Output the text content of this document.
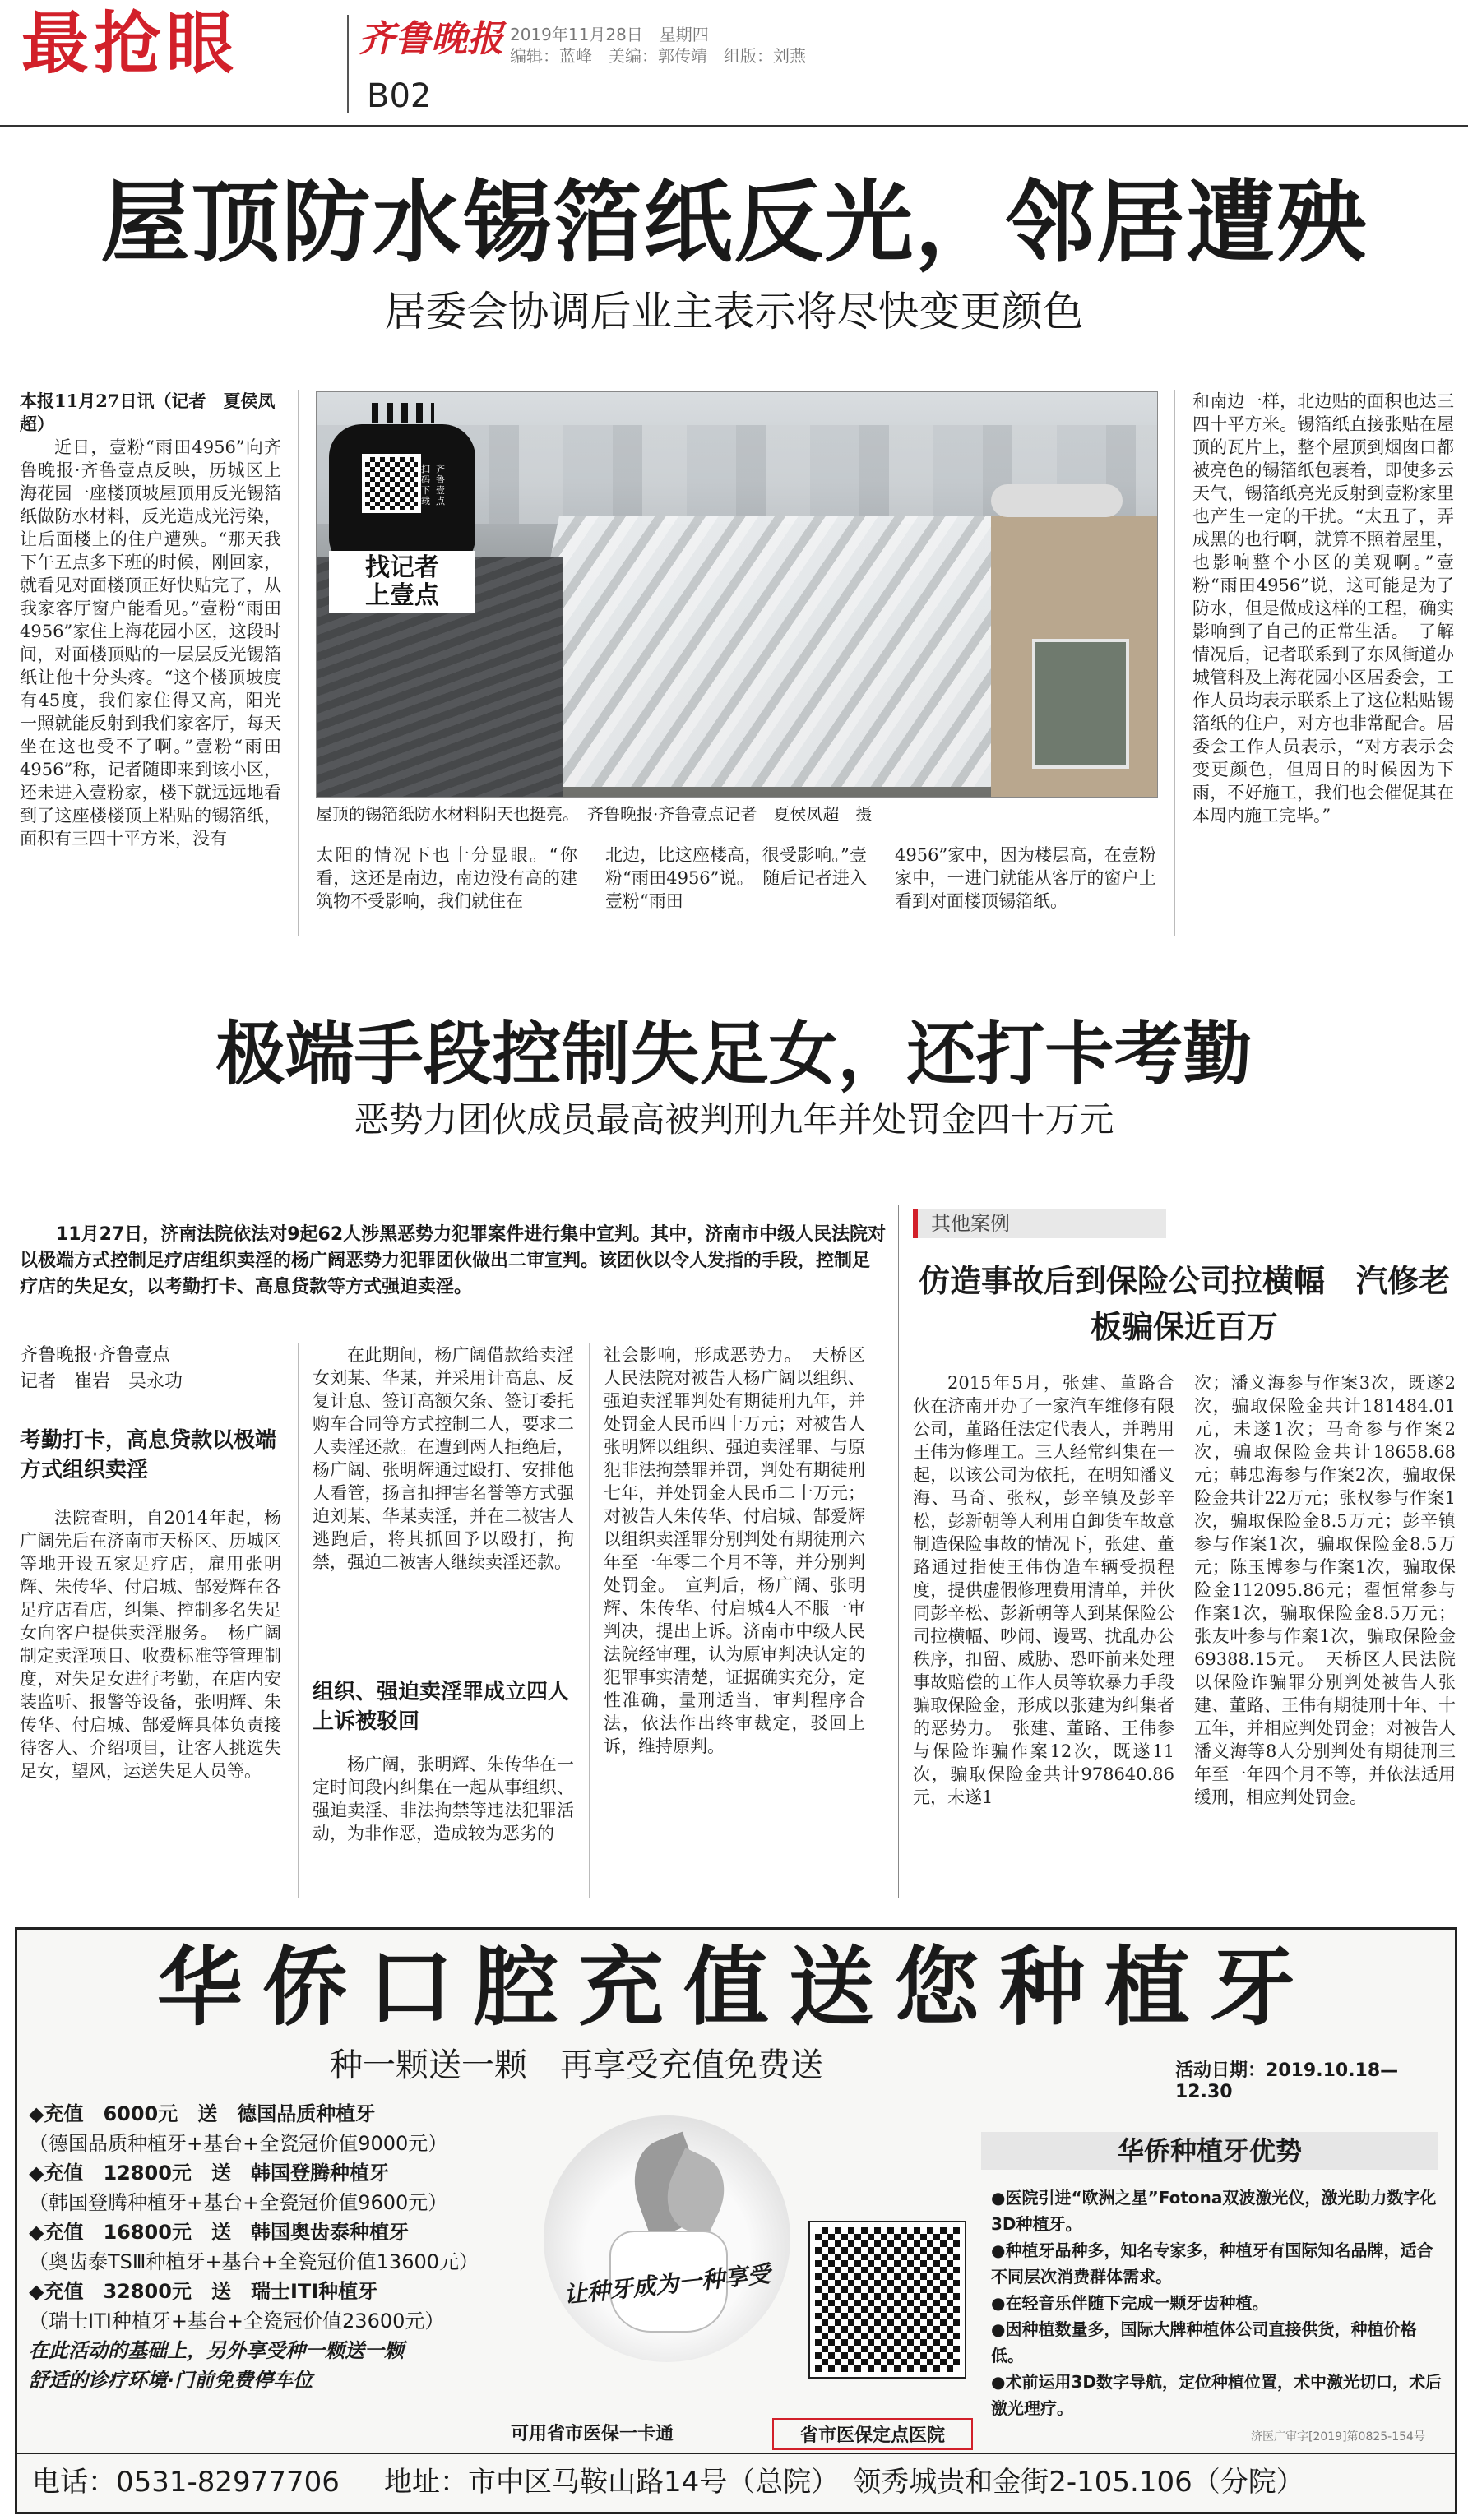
最抢眼	齐鲁晚报 2019年11月28日　星期四
编辑：蓝峰　美编：郭传靖　组版：刘燕
B02
屋顶防水锡箔纸反光，邻居遭殃
居委会协调后业主表示将尽快变更颜色
本报11月27日讯（记者　夏侯凤超）
近日，壹粉“雨田4956”向齐鲁晚报·齐鲁壹点反映，历城区上海花园一座楼顶坡屋顶用反光锡箔纸做防水材料，反光造成光污染，让后面楼上的住户遭殃。“那天我下午五点多下班的时候，刚回家，就看见对面楼顶正好快贴完了，从我家客厅窗户能看见。”壹粉“雨田4956”家住上海花园小区，这段时间，对面楼顶贴的一层层反光锡箔纸让他十分头疼。“这个楼顶坡度有45度，我们家住得又高，阳光一照就能反射到我们家客厅，每天坐在这也受不了啊。”壹粉“雨田4956”称，记者随即来到该小区，还未进入壹粉家，楼下就远远地看到了这座楼楼顶上粘贴的锡箔纸，面积有三四十平方米，没有
扫码下载
齐鲁壹点
找记者
上壹点
屋顶的锡箔纸防水材料阴天也挺亮。　齐鲁晚报·齐鲁壹点记者　夏侯凤超　摄
太阳的情况下也十分显眼。“你看，这还是南边，南边没有高的建筑物不受影响，我们就住在
北边，比这座楼高，很受影响。”壹粉“雨田4956”说。　随后记者进入壹粉“雨田
4956”家中，因为楼层高，在壹粉家中，一进门就能从客厅的窗户上看到对面楼顶锡箔纸。
和南边一样，北边贴的面积也达三四十平方米。锡箔纸直接张贴在屋顶的瓦片上，整个屋顶到烟囱口都被亮色的锡箔纸包裹着，即使多云天气，锡箔纸亮光反射到壹粉家里也产生一定的干扰。“太丑了，弄成黑的也行啊，就算不照着屋里，也影响整个小区的美观啊。”壹粉“雨田4956”说，这可能是为了防水，但是做成这样的工程，确实影响到了自己的正常生活。　了解情况后，记者联系到了东风街道办城管科及上海花园小区居委会，工作人员均表示联系上了这位粘贴锡箔纸的住户，对方也非常配合。居委会工作人员表示，“对方表示会变更颜色，但周日的时候因为下雨，不好施工，我们也会催促其在本周内施工完毕。”
极端手段控制失足女，还打卡考勤
恶势力团伙成员最高被判刑九年并处罚金四十万元
11月27日，济南法院依法对9起62人涉黑恶势力犯罪案件进行集中宣判。其中，济南市中级人民法院对以极端方式控制足疗店组织卖淫的杨广阔恶势力犯罪团伙做出二审宣判。该团伙以令人发指的手段，控制足疗店的失足女，以考勤打卡、高息贷款等方式强迫卖淫。
齐鲁晚报·齐鲁壹点
记者　崔岩　吴永功
考勤打卡，高息贷款以极端方式组织卖淫
法院查明，自2014年起，杨广阔先后在济南市天桥区、历城区等地开设五家足疗店，雇用张明辉、朱传华、付启城、郜爱辉在各足疗店看店，纠集、控制多名失足女向客户提供卖淫服务。　杨广阔制定卖淫项目、收费标准等管理制度，对失足女进行考勤，在店内安装监听、报警等设备，张明辉、朱传华、付启城、郜爱辉具体负责接待客人、介绍项目，让客人挑选失足女，望风，运送失足人员等。
在此期间，杨广阔借款给卖淫女刘某、华某，并采用计高息、反复计息、签订高额欠条、签订委托购车合同等方式控制二人，要求二人卖淫还款。在遭到两人拒绝后，杨广阔、张明辉通过殴打、安排他人看管，扬言扣押害名誉等方式强迫刘某、华某卖淫，并在二被害人逃跑后，将其抓回予以殴打，拘禁，强迫二被害人继续卖淫还款。
组织、强迫卖淫罪成立四人上诉被驳回
杨广阔，张明辉、朱传华在一定时间段内纠集在一起从事组织、强迫卖淫、非法拘禁等违法犯罪活动，为非作恶，造成较为恶劣的
社会影响，形成恶势力。　天桥区人民法院对被告人杨广阔以组织、强迫卖淫罪判处有期徒刑九年，并处罚金人民币四十万元；对被告人张明辉以组织、强迫卖淫罪、与原犯非法拘禁罪并罚，判处有期徒刑七年，并处罚金人民币二十万元；对被告人朱传华、付启城、郜爱辉以组织卖淫罪分别判处有期徒刑六年至一年零二个月不等，并分别判处罚金。　宣判后，杨广阔、张明辉、朱传华、付启城4人不服一审判决，提出上诉。济南市中级人民法院经审理，认为原审判决认定的犯罪事实清楚，证据确实充分，定性准确，量刑适当，审判程序合法，依法作出终审裁定，驳回上诉，维持原判。
其他案例
仿造事故后到保险公司拉横幅　汽修老板骗保近百万
2015年5月，张建、董路合伙在济南开办了一家汽车维修有限公司，董路任法定代表人，并聘用王伟为修理工。三人经常纠集在一起，以该公司为依托，在明知潘义海、马奇、张权，彭辛镇及彭辛松，彭新朝等人利用自卸货车故意制造保险事故的情况下，张建、董路通过指使王伟伪造车辆受损程度，提供虚假修理费用清单，并伙同彭辛松、彭新朝等人到某保险公司拉横幅、吵闹、谩骂、扰乱办公秩序，扣留、威胁、恐吓前来处理事故赔偿的工作人员等软暴力手段骗取保险金，形成以张建为纠集者的恶势力。　张建、董路、王伟参与保险诈骗作案12次，既遂11次，骗取保险金共计978640.86元，未遂1
次；潘义海参与作案3次，既遂2次，骗取保险金共计181484.01元，未遂1次；马奇参与作案2次，骗取保险金共计18658.68元；韩忠海参与作案2次，骗取保险金共计22万元；张权参与作案1次，骗取保险金8.5万元；彭辛镇参与作案1次，骗取保险金8.5万元；陈玉博参与作案1次，骗取保险金112095.86元；翟恒常参与作案1次，骗取保险金8.5万元；张友叶参与作案1次，骗取保险金69388.15元。　天桥区人民法院以保险诈骗罪分别判处被告人张建、董路、王伟有期徒刑十年、十五年，并相应判处罚金；对被告人潘义海等8人分别判处有期徒刑三年至一年四个月不等，并依法适用缓刑，相应判处罚金。
华侨口腔充值送您种植牙
种一颗送一颗　再享受充值免费送	活动日期：2019.10.18—12.30
◆充值　6000元　送　德国品质种植牙
（德国品质种植牙+基台+全瓷冠价值9000元）
◆充值　12800元　送　韩国登腾种植牙
（韩国登腾种植牙+基台+全瓷冠价值9600元）
◆充值　16800元　送　韩国奥齿泰种植牙
（奥齿泰TSⅢ种植牙+基台+全瓷冠价值13600元）
◆充值　32800元　送　瑞士ITI种植牙
（瑞士ITI种植牙+基台+全瓷冠价值23600元）
在此活动的基础上，另外享受种一颗送一颗
舒适的诊疗环境·门前免费停车位
让种牙成为一种享受
可用省市医保一卡通	省市医保定点医院
华侨种植牙优势
●医院引进“欧洲之星”Fotona双波激光仪，激光助力数字化3D种植牙。
●种植牙品种多，知名专家多，种植牙有国际知名品牌，适合不同层次消费群体需求。
●在轻音乐伴随下完成一颗牙齿种植。
●因种植数量多，国际大牌种植体公司直接供货，种植价格低。
●术前运用3D数字导航，定位种植位置，术中激光切口，术后激光理疗。
济医广审字[2019]第0825-154号
电话：0531-82977706 地址：市中区马鞍山路14号（总院）　领秀城贵和金街2-105.106（分院）
